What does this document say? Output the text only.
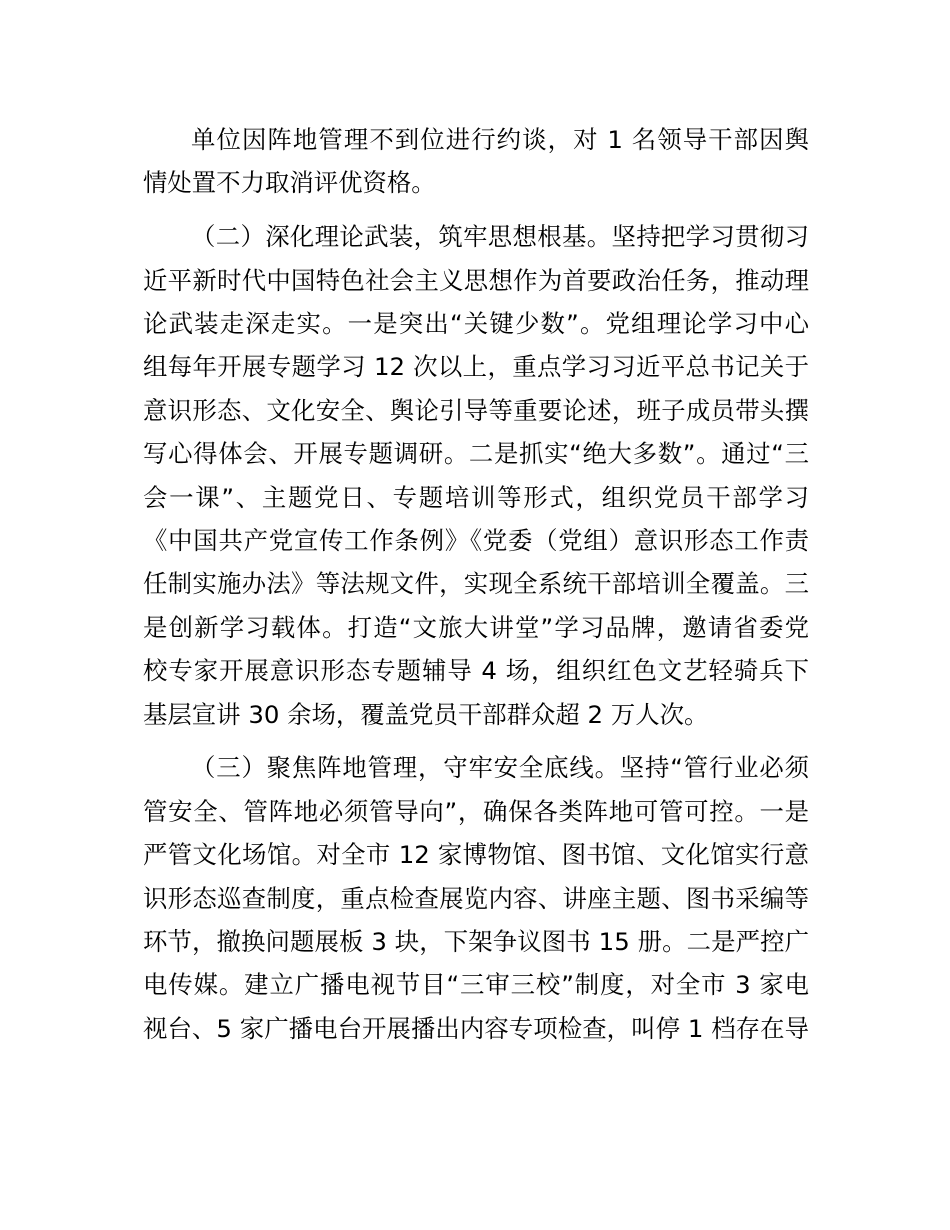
单位因阵地管理不到位进行约谈，对 1 名领导干部因舆
情处置不力取消评优资格。
（二）深化理论武装，筑牢思想根基。坚持把学习贯彻习
近平新时代中国特色社会主义思想作为首要政治任务，推动理
论武装走深走实。一是突出“关键少数”。党组理论学习中心
组每年开展专题学习 12 次以上，重点学习习近平总书记关于
意识形态、文化安全、舆论引导等重要论述，班子成员带头撰
写心得体会、开展专题调研。二是抓实“绝大多数”。通过“三
会一课”、主题党日、专题培训等形式，组织党员干部学习
《中国共产党宣传工作条例》《党委（党组）意识形态工作责
任制实施办法》等法规文件，实现全系统干部培训全覆盖。三
是创新学习载体。打造“文旅大讲堂”学习品牌，邀请省委党
校专家开展意识形态专题辅导 4 场，组织红色文艺轻骑兵下
基层宣讲 30 余场，覆盖党员干部群众超 2 万人次。
（三）聚焦阵地管理，守牢安全底线。坚持“管行业必须
管安全、管阵地必须管导向”，确保各类阵地可管可控。一是
严管文化场馆。对全市 12 家博物馆、图书馆、文化馆实行意
识形态巡查制度，重点检查展览内容、讲座主题、图书采编等
环节，撤换问题展板 3 块，下架争议图书 15 册。二是严控广
电传媒。建立广播电视节目“三审三校”制度，对全市 3 家电
视台、5 家广播电台开展播出内容专项检查，叫停 1 档存在导
